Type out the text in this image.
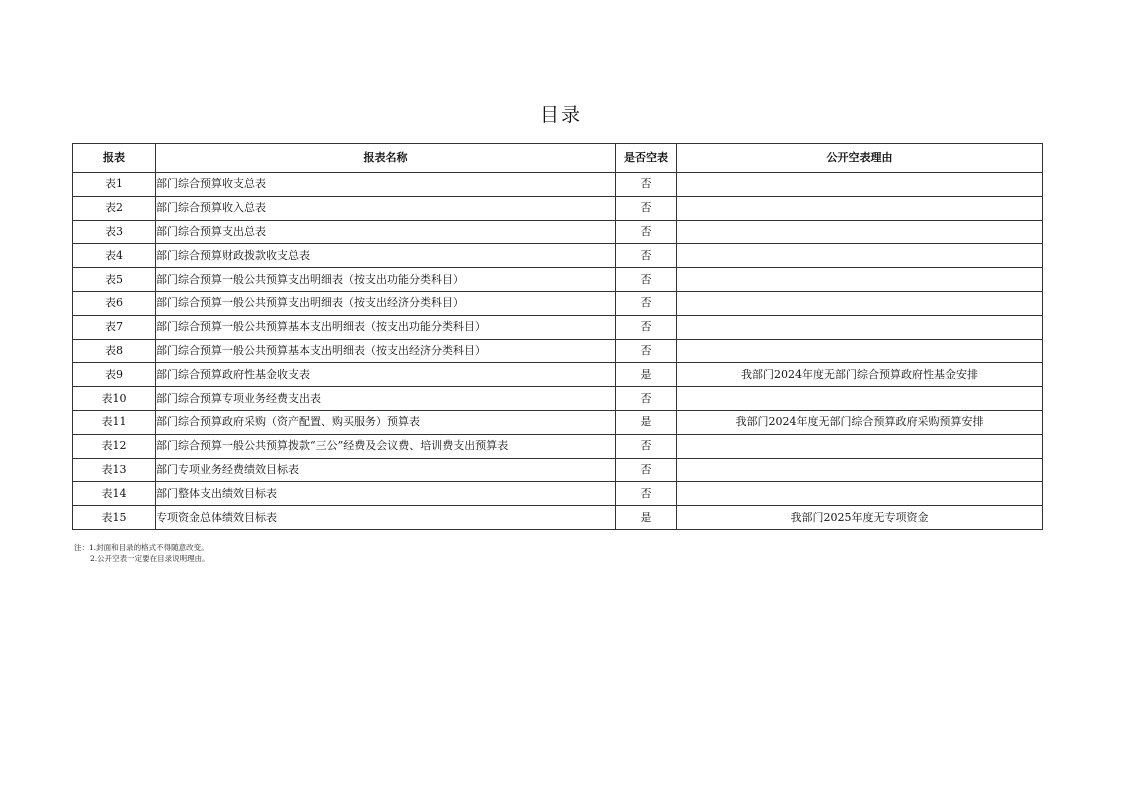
目录
报表	报表名称	是否空表	公开空表理由
表1	部门综合预算收支总表	否	
表2	部门综合预算收入总表	否	
表3	部门综合预算支出总表	否	
表4	部门综合预算财政拨款收支总表	否	
表5	部门综合预算一般公共预算支出明细表（按支出功能分类科目）	否	
表6	部门综合预算一般公共预算支出明细表（按支出经济分类科目）	否	
表7	部门综合预算一般公共预算基本支出明细表（按支出功能分类科目）	否	
表8	部门综合预算一般公共预算基本支出明细表（按支出经济分类科目）	否	
表9	部门综合预算政府性基金收支表	是	我部门2024年度无部门综合预算政府性基金安排
表10	部门综合预算专项业务经费支出表	否	
表11	部门综合预算政府采购（资产配置、购买服务）预算表	是	我部门2024年度无部门综合预算政府采购预算安排
表12	部门综合预算一般公共预算拨款“三公”经费及会议费、培训费支出预算表	否	
表13	部门专项业务经费绩效目标表	否	
表14	部门整体支出绩效目标表	否	
表15	专项资金总体绩效目标表	是	我部门2025年度无专项资金
注：1.封面和目录的格式不得随意改变。
2.公开空表一定要在目录说明理由。
